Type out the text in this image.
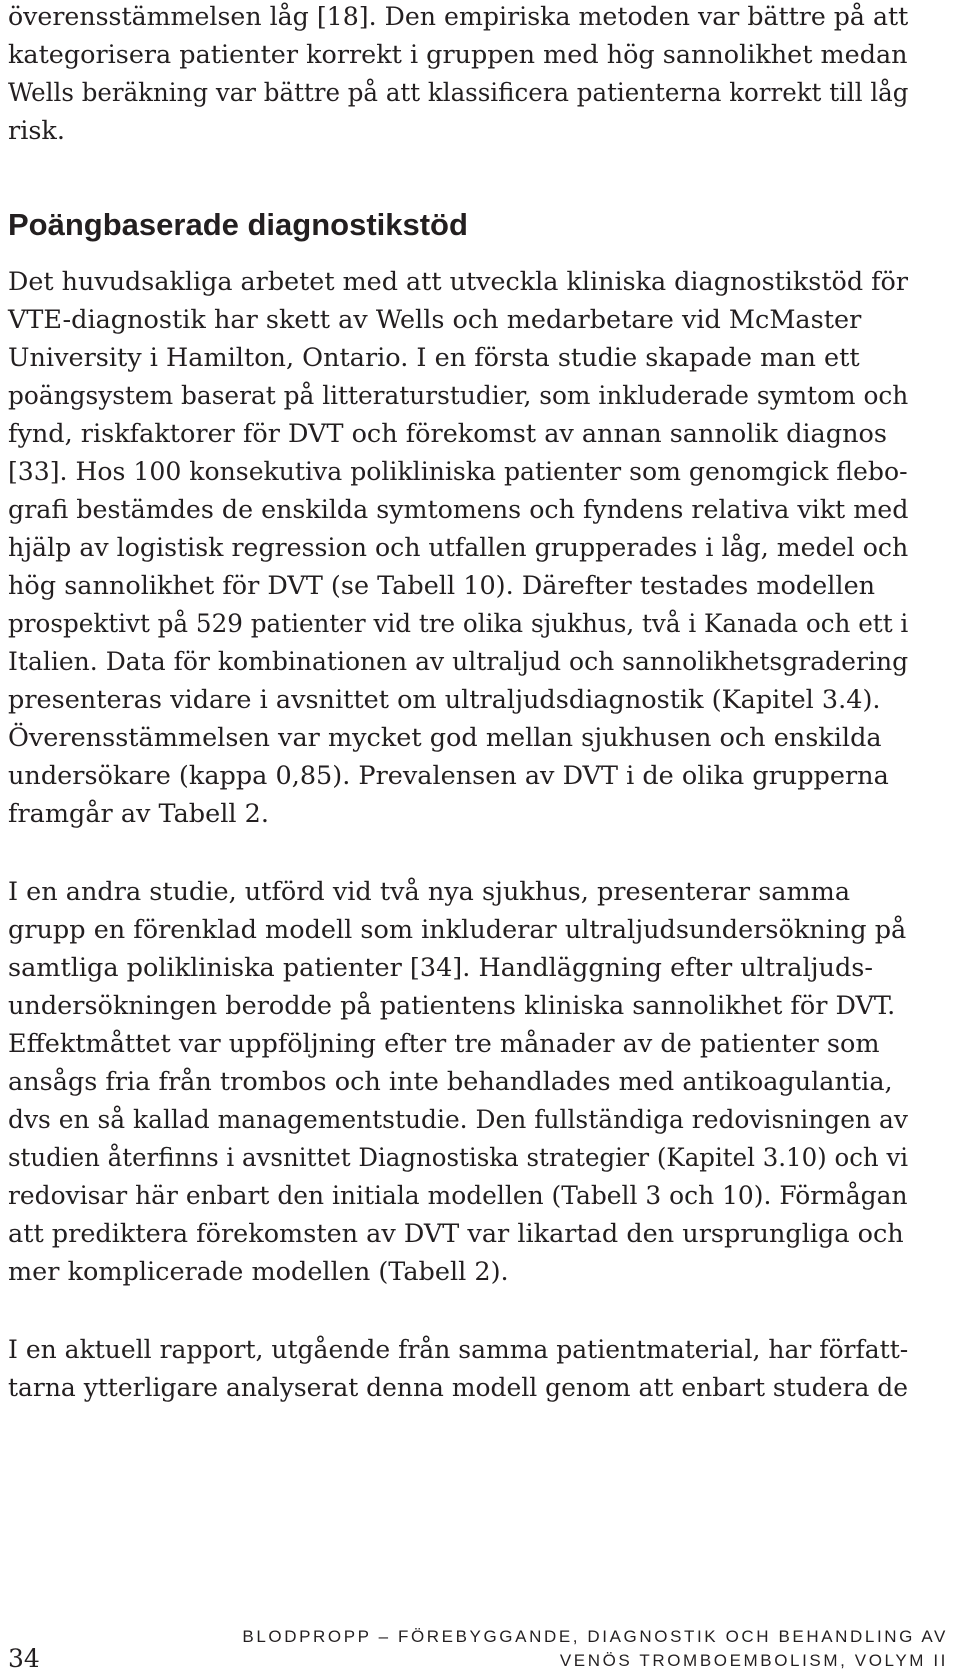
överensstämmelsen låg [18]. Den empiriska metoden var bättre på att

kategorisera patienter korrekt i gruppen med hög sannolikhet medan

Wells beräkning var bättre på att klassificera patienterna korrekt till låg

risk.

Poängbaserade diagnostikstöd

Det huvudsakliga arbetet med att utveckla kliniska diagnostikstöd för

VTE-diagnostik har skett av Wells och medarbetare vid McMaster

University i Hamilton, Ontario. I en första studie skapade man ett

poängsystem baserat på litteraturstudier, som inkluderade symtom och

fynd, riskfaktorer för DVT och förekomst av annan sannolik diagnos

[33]. Hos 100 konsekutiva polikliniska patienter som genomgick flebo-

grafi bestämdes de enskilda symtomens och fyndens relativa vikt med

hjälp av logistisk regression och utfallen grupperades i låg, medel och

hög sannolikhet för DVT (se Tabell 10). Därefter testades modellen

prospektivt på 529 patienter vid tre olika sjukhus, två i Kanada och ett i

Italien. Data för kombinationen av ultraljud och sannolikhetsgradering

presenteras vidare i avsnittet om ultraljudsdiagnostik (Kapitel 3.4).

Överensstämmelsen var mycket god mellan sjukhusen och enskilda

undersökare (kappa 0,85). Prevalensen av DVT i de olika grupperna

framgår av Tabell 2.

I en andra studie, utförd vid två nya sjukhus, presenterar samma

grupp en förenklad modell som inkluderar ultraljudsundersökning på

samtliga polikliniska patienter [34]. Handläggning efter ultraljuds-

undersökningen berodde på patientens kliniska sannolikhet för DVT.

Effektmåttet var uppföljning efter tre månader av de patienter som

ansågs fria från trombos och inte behandlades med antikoagulantia,

dvs en så kallad managementstudie. Den fullständiga redovisningen av

studien återfinns i avsnittet Diagnostiska strategier (Kapitel 3.10) och vi

redovisar här enbart den initiala modellen (Tabell 3 och 10). Förmågan

att prediktera förekomsten av DVT var likartad den ursprungliga och

mer komplicerade modellen (Tabell 2).

I en aktuell rapport, utgående från samma patientmaterial, har författ-

tarna ytterligare analyserat denna modell genom att enbart studera de

34

BLODPROPP – FÖREBYGGANDE, DIAGNOSTIK OCH BEHANDLING AV
VENÖS TROMBOEMBOLISM, VOLYM II
